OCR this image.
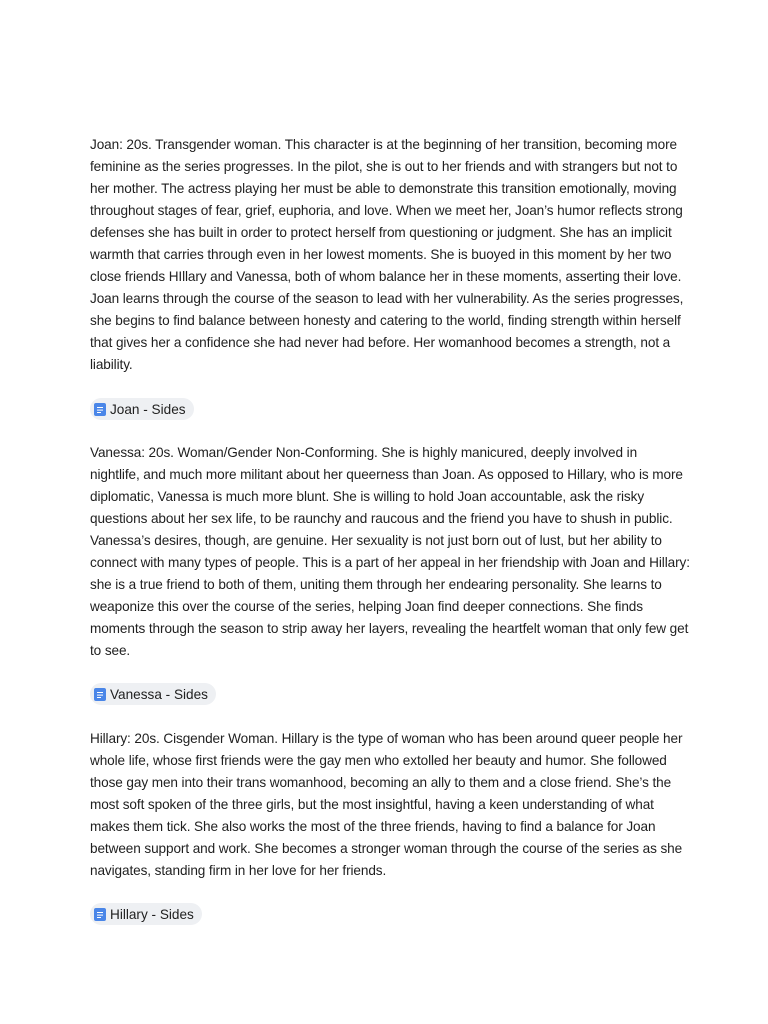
Joan: 20s. Transgender woman. This character is at the beginning of her transition, becoming more feminine as the series progresses. In the pilot, she is out to her friends and with strangers but not to her mother. The actress playing her must be able to demonstrate this transition emotionally, moving throughout stages of fear, grief, euphoria, and love. When we meet her, Joan’s humor reflects strong defenses she has built in order to protect herself from questioning or judgment. She has an implicit warmth that carries through even in her lowest moments. She is buoyed in this moment by her two close friends HIllary and Vanessa, both of whom balance her in these moments, asserting their love. Joan learns through the course of the season to lead with her vulnerability. As the series progresses, she begins to find balance between honesty and catering to the world, finding strength within herself that gives her a confidence she had never had before. Her womanhood becomes a strength, not a liability.

Joan - Sides

Vanessa: 20s. Woman/Gender Non-Conforming. She is highly manicured, deeply involved in nightlife, and much more militant about her queerness than Joan. As opposed to Hillary, who is more diplomatic, Vanessa is much more blunt. She is willing to hold Joan accountable, ask the risky questions about her sex life, to be raunchy and raucous and the friend you have to shush in public. Vanessa’s desires, though, are genuine. Her sexuality is not just born out of lust, but her ability to connect with many types of people. This is a part of her appeal in her friendship with Joan and Hillary: she is a true friend to both of them, uniting them through her endearing personality. She learns to weaponize this over the course of the series, helping Joan find deeper connections. She finds moments through the season to strip away her layers, revealing the heartfelt woman that only few get to see.

Vanessa - Sides

Hillary: 20s. Cisgender Woman. Hillary is the type of woman who has been around queer people her whole life, whose first friends were the gay men who extolled her beauty and humor. She followed those gay men into their trans womanhood, becoming an ally to them and a close friend. She’s the most soft spoken of the three girls, but the most insightful, having a keen understanding of what makes them tick. She also works the most of the three friends, having to find a balance for Joan between support and work. She becomes a stronger woman through the course of the series as she navigates, standing firm in her love for her friends.

Hillary - Sides
